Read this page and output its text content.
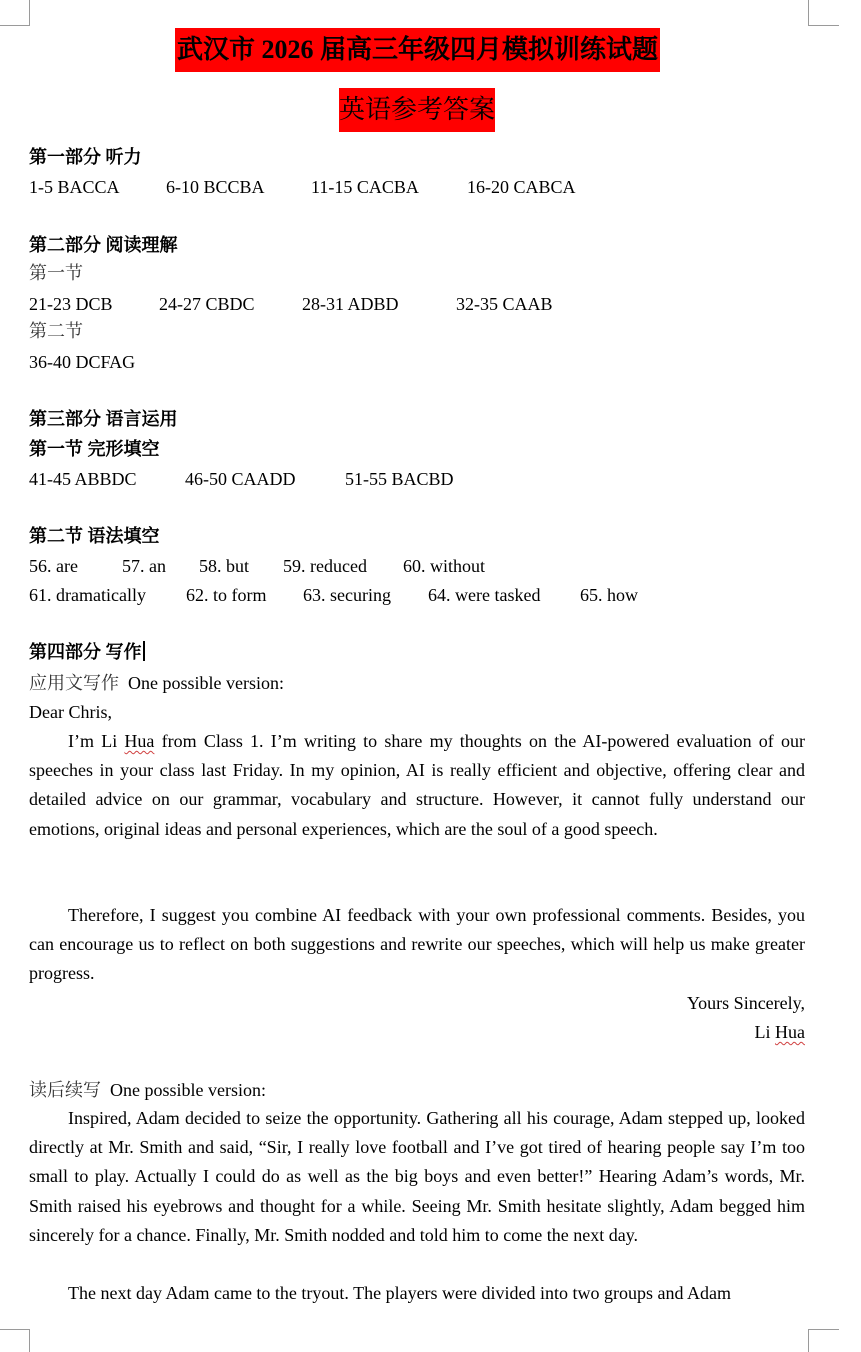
武汉市 2026 届高三年级四月模拟训练试题
英语参考答案
第一部分 听力
1-5 BACCA	6-10 BCCBA	11-15 CACBA	16-20 CABCA
第二部分 阅读理解
第一节
21-23 DCB	24-27 CBDC	28-31 ADBD	32-35 CAAB
第二节
36-40 DCFAG
第三部分 语言运用
第一节 完形填空
41-45 ABBDC	46-50 CAADD	51-55 BACBD
第二节 语法填空
56. are 57. an 58. but 59. reduced 60. without
61. dramatically 62. to form 63. securing 64. were tasked 65. how
第四部分 写作
应用文写作 One possible version:
Dear Chris,
I’m Li Hua from Class 1. I’m writing to share my thoughts on the AI-powered evaluation of our speeches in your class last Friday. In my opinion, AI is really efficient and objective, offering clear and detailed advice on our grammar, vocabulary and structure. However, it cannot fully understand our emotions, original ideas and personal experiences, which are the soul of a good speech.
Therefore, I suggest you combine AI feedback with your own professional comments. Besides, you can encourage us to reflect on both suggestions and rewrite our speeches, which will help us make greater progress.
Yours Sincerely,
Li Hua
读后续写 One possible version:
Inspired, Adam decided to seize the opportunity. Gathering all his courage, Adam stepped up, looked directly at Mr. Smith and said, “Sir, I really love football and I’ve got tired of hearing people say I’m too small to play. Actually I could do as well as the big boys and even better!” Hearing Adam’s words, Mr. Smith raised his eyebrows and thought for a while. Seeing Mr. Smith hesitate slightly, Adam begged him sincerely for a chance. Finally, Mr. Smith nodded and told him to come the next day.
The next day Adam came to the tryout. The players were divided into two groups and Adam
